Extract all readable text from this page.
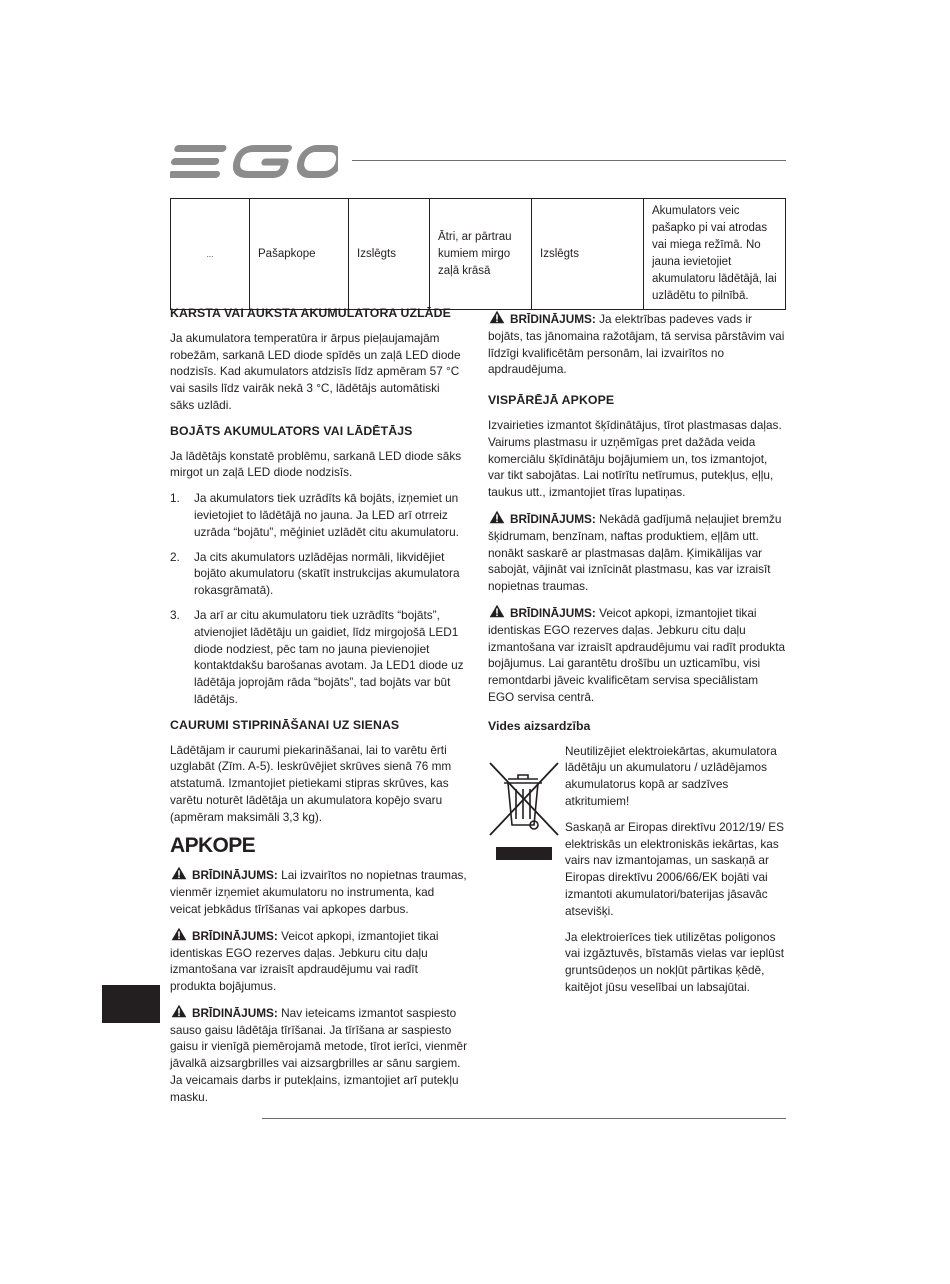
...	Pašapkope	Izslēgts	Ātri, ar pārtrau kumiem mirgo zaļā krāsā	Izslēgts	Akumulators veic pašapko pi vai atrodas vai miega režīmā. No jauna ievietojiet akumulatoru lādētājā, lai uzlādētu to pilnībā.
KARSTA VAI AUKSTA AKUMULATORA UZLĀDE

Ja akumulatora temperatūra ir ārpus pieļaujamajām robežām, sarkanā LED diode spīdēs un zaļā LED diode nodzisīs. Kad akumulators atdzisīs līdz apmēram 57 °C vai sasils līdz vairāk nekā 3 °C, lādētājs automātiski sāks uzlādi.

BOJĀTS AKUMULATORS VAI LĀDĒTĀJS

Ja lādētājs konstatē problēmu, sarkanā LED diode sāks mirgot un zaļā LED diode nodzisīs.

1. Ja akumulators tiek uzrādīts kā bojāts, izņemiet un ievietojiet to lādētājā no jauna. Ja LED arī otrreiz uzrāda “bojātu”, mēģiniet uzlādēt citu akumulatoru.
2. Ja cits akumulators uzlādējas normāli, likvidējiet bojāto akumulatoru (skatīt instrukcijas akumulatora rokasgrāmatā).
3. Ja arī ar citu akumulatoru tiek uzrādīts “bojāts”, atvienojiet lādētāju un gaidiet, līdz mirgojošā LED1 diode nodziest, pēc tam no jauna pievienojiet kontaktdakšu barošanas avotam. Ja LED1 diode uz lādētāja joprojām rāda “bojāts”, tad bojāts var būt lādētājs.
CAURUMI STIPRINĀŠANAI UZ SIENAS

Lādētājam ir caurumi piekarināšanai, lai to varētu ērti uzglabāt (Zīm. A-5). Ieskrūvējiet skrūves sienā 76 mm atstatumā. Izmantojiet pietiekami stipras skrūves, kas varētu noturēt lādētāja un akumulatora kopējo svaru (apmēram maksimāli 3,3 kg).

APKOPE

BRĪDINĀJUMS: Lai izvairītos no nopietnas traumas, vienmēr izņemiet akumulatoru no instrumenta, kad veicat jebkādus tīrīšanas vai apkopes darbus.

BRĪDINĀJUMS: Veicot apkopi, izmantojiet tikai identiskas EGO rezerves daļas. Jebkuru citu daļu izmantošana var izraisīt apdraudējumu vai radīt produkta bojājumus.

BRĪDINĀJUMS: Nav ieteicams izmantot saspiesto sauso gaisu lādētāja tīrīšanai. Ja tīrīšana ar saspiesto gaisu ir vienīgā piemērojamā metode, tīrot ierīci, vienmēr jāvalkā aizsargbrilles vai aizsargbrilles ar sānu sargiem. Ja veicamais darbs ir putekļains, izmantojiet arī putekļu masku.

BRĪDINĀJUMS: Ja elektrības padeves vads ir bojāts, tas jānomaina ražotājam, tā servisa pārstāvim vai līdzīgi kvalificētām personām, lai izvairītos no apdraudējuma.

VISPĀRĒJĀ APKOPE

Izvairieties izmantot šķīdinātājus, tīrot plastmasas daļas. Vairums plastmasu ir uzņēmīgas pret dažāda veida komerciālu šķīdinātāju bojājumiem un, tos izmantojot, var tikt sabojātas. Lai notīrītu netīrumus, putekļus, eļļu, taukus utt., izmantojiet tīras lupatiņas.

BRĪDINĀJUMS: Nekādā gadījumā neļaujiet bremžu šķidrumam, benzīnam, naftas produktiem, eļļām utt. nonākt saskarē ar plastmasas daļām. Ķimikālijas var sabojāt, vājināt vai iznīcināt plastmasu, kas var izraisīt nopietnas traumas.

BRĪDINĀJUMS: Veicot apkopi, izmantojiet tikai identiskas EGO rezerves daļas. Jebkuru citu daļu izmantošana var izraisīt apdraudējumu vai radīt produkta bojājumus. Lai garantētu drošību un uzticamību, visi remontdarbi jāveic kvalificētam servisa speciālistam EGO servisa centrā.

Vides aizsardzība

Neutilizējiet elektroiekārtas, akumulatora lādētāju un akumulatoru / uzlādējamos akumulatorus kopā ar sadzīves atkritumiem!

Saskaņā ar Eiropas direktīvu 2012/19/ ES elektriskās un elektroniskās iekārtas, kas vairs nav izmantojamas, un saskaņā ar Eiropas direktīvu 2006/66/EK bojāti vai izmantoti akumulatori/baterijas jāsavāc atsevišķi.

Ja elektroierīces tiek utilizētas poligonos vai izgāztuvēs, bīstamās vielas var ieplūst gruntsūdeņos un nokļūt pārtikas ķēdē, kaitējot jūsu veselībai un labsajūtai.
